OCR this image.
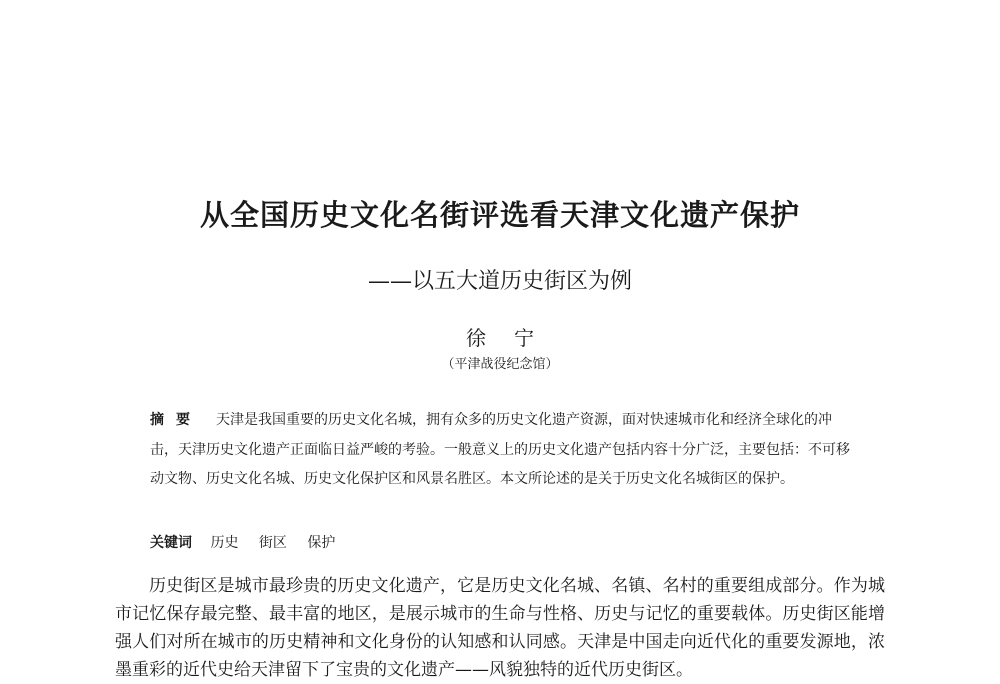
从全国历史文化名街评选看天津文化遗产保护
——以五大道历史街区为例
徐宁
（平津战役纪念馆）
摘要 天津是我国重要的历史文化名城，拥有众多的历史文化遗产资源，面对快速城市化和经济全球化的冲击，天津历史文化遗产正面临日益严峻的考验。一般意义上的历史文化遗产包括内容十分广泛，主要包括：不可移动文物、历史文化名城、历史文化保护区和风景名胜区。本文所论述的是关于历史文化名城街区的保护。
关键词 历史 街区 保护
历史街区是城市最珍贵的历史文化遗产，它是历史文化名城、名镇、名村的重要组成部分。作为城市记忆保存最完整、最丰富的地区，是展示城市的生命与性格、历史与记忆的重要载体。历史街区能增强人们对所在城市的历史精神和文化身份的认知感和认同感。天津是中国走向近代化的重要发源地，浓墨重彩的近代史给天津留下了宝贵的文化遗产——风貌独特的近代历史街区。
